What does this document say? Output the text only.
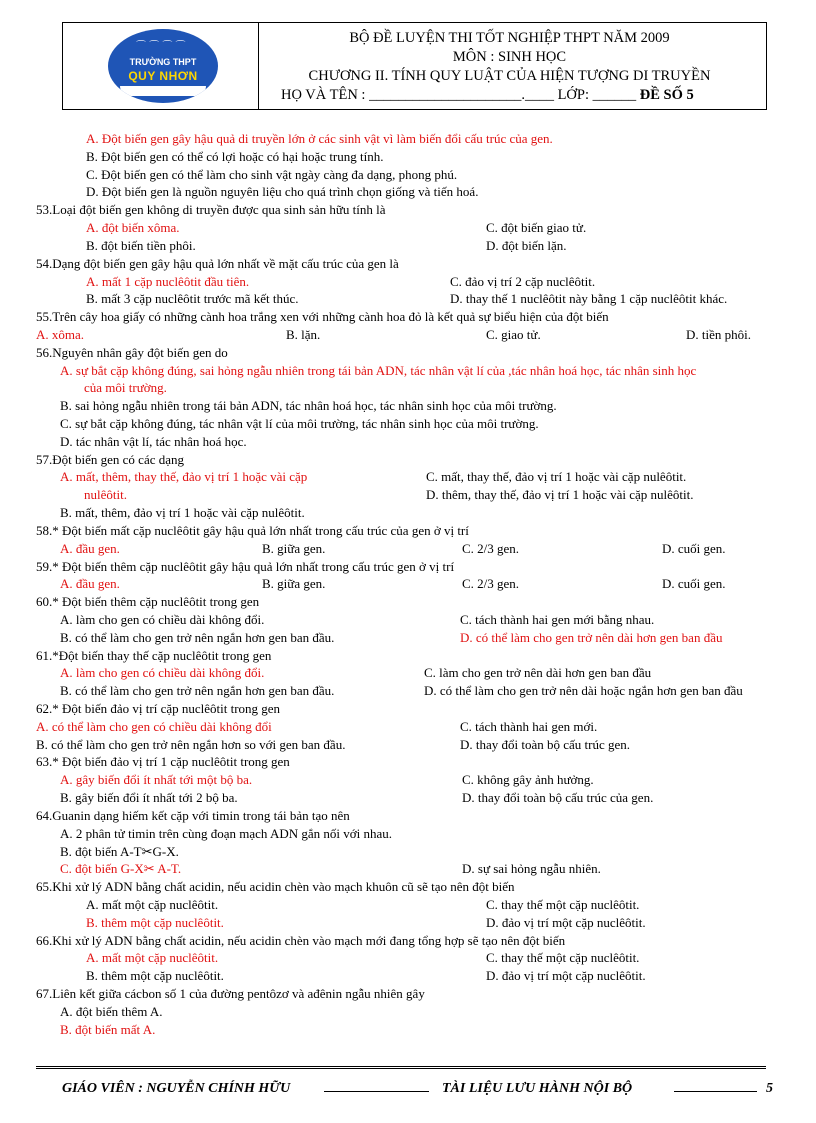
⌒ ⌒ ⌒ ⌒
TRƯỜNG THPT
QUY NHƠN
BỘ ĐỀ LUYỆN THI TỐT NGHIỆP THPT NĂM 2009
MÔN : SINH HỌC
CHƯƠNG II. TÍNH QUY LUẬT CỦA HIỆN TƯỢNG DI TRUYỀN
HỌ VÀ TÊN : _____________________.____ LỚP: ______ ĐỀ SỐ 5
A. Đột biến gen gây hậu quả di truyền lớn ở các sinh vật vì làm biến đổi cấu trúc của gen.
B. Đột biến gen có thể có lợi hoặc có hại hoặc trung tính.
C. Đột biến gen có thể làm cho sinh vật ngày càng đa dạng, phong phú.
D. Đột biến gen là nguồn nguyên liệu cho quá trình chọn giống và tiến hoá.
53.Loại đột biến gen không di truyền được qua sinh sản hữu tính là
A. đột biến xôma.	C. đột biến giao tử.
B. đột biến tiền phôi.	D. đột biến lặn.
54.Dạng đột biến gen gây hậu quả lớn nhất về mặt cấu trúc của gen là
A. mất 1 cặp nuclêôtit đầu tiên.	C. đảo vị trí 2 cặp nuclêôtit.
B. mất 3 cặp nuclêôtit trước mã kết thúc.	D. thay thế 1 nuclêôtit này bằng 1 cặp nuclêôtit khác.
55.Trên cây hoa giấy có những cành hoa trắng xen với những cành hoa đỏ là kết quả sự biểu hiện của đột biến
A. xôma.	B. lặn.	C. giao tử.	D. tiền phôi.
56.Nguyên nhân gây đột biến gen do
A. sự bắt cặp không đúng, sai hỏng ngẫu nhiên trong tái bản ADN, tác nhân vật lí của ,tác nhân hoá học, tác nhân sinh học
của môi trường.
B. sai hỏng ngẫu nhiên trong tái bản ADN, tác nhân hoá học, tác nhân sinh học của môi trường.
C. sự bắt cặp không đúng, tác nhân vật lí của môi trường, tác nhân sinh học của môi trường.
D. tác nhân vật lí, tác nhân hoá học.
57.Đột biến gen có các dạng
A. mất, thêm, thay thế, đảo vị trí 1 hoặc vài cặp	C. mất, thay thế, đảo vị trí 1 hoặc vài cặp nulêôtit.
nulêôtit.	D. thêm, thay thế, đảo vị trí 1 hoặc vài cặp nulêôtit.
B. mất, thêm, đảo vị trí 1 hoặc vài cặp nulêôtit.
58.* Đột biến mất cặp nuclêôtit gây hậu quả lớn nhất trong cấu trúc của gen ở vị trí
A. đầu gen.	B. giữa gen.	C. 2/3 gen.	D. cuối gen.
59.* Đột biến thêm cặp nuclêôtit gây hậu quả lớn nhất trong cấu trúc gen ở vị trí
A. đầu gen.	B. giữa gen.	C. 2/3 gen.	D. cuối gen.
60.* Đột biến thêm cặp nuclêôtit trong gen
A. làm cho gen có chiều dài không đổi.	C. tách thành hai gen mới bằng nhau.
B. có thể làm cho gen trở nên ngắn hơn gen ban đầu.	D. có thể làm cho gen trở nên dài hơn gen ban đầu
61.*Đột biến thay thế cặp nuclêôtit trong gen
A. làm cho gen có chiều dài không đổi.	C. làm cho gen trở nên dài hơn gen ban đầu
B. có thể làm cho gen trở nên ngắn hơn gen ban đầu.	D. có thể làm cho gen trở nên dài hoặc ngắn hơn gen ban đầu
62.* Đột biến đảo vị trí cặp nuclêôtit trong gen
A. có thể làm cho gen có chiều dài không đổi	C. tách thành hai gen mới.
B. có thể làm cho gen trở nên ngắn hơn so với gen ban đầu.	D. thay đổi toàn bộ cấu trúc gen.
63.* Đột biến đảo vị trí 1 cặp nuclêôtit trong gen
A. gây biến đổi ít nhất tới một bộ ba.	C. không gây ảnh hưởng.
B. gây biến đổi ít nhất tới 2 bộ ba.	D. thay đổi toàn bộ cấu trúc của gen.
64.Guanin dạng hiếm kết cặp với timin trong tái bản tạo nên
A. 2 phân tử timin trên cùng đoạn mạch ADN gắn nối với nhau.
B. đột biến A-T✂G-X.
C. đột biến G-X✂ A-T.	D. sự sai hỏng ngẫu nhiên.
65.Khi xử lý ADN bằng chất acidin, nếu acidin chèn vào mạch khuôn cũ sẽ tạo nên đột biến
A. mất một cặp nuclêôtit.	C. thay thế một cặp nuclêôtit.
B. thêm một cặp nuclêôtit.	D. đảo vị trí một cặp nuclêôtit.
66.Khi xử lý ADN bằng chất acidin, nếu acidin chèn vào mạch mới đang tổng hợp sẽ tạo nên đột biến
A. mất một cặp nuclêôtit.	C. thay thế một cặp nuclêôtit.
B. thêm một cặp nuclêôtit.	D. đảo vị trí một cặp nuclêôtit.
67.Liên kết giữa cácbon số 1 của đường pentôzơ và ađênin ngẫu nhiên gây
A. đột biến thêm A.
B. đột biến mất A.
GIÁO VIÊN : NGUYỄN CHÍNH HỮU	TÀI LIỆU LƯU HÀNH NỘI BỘ	5
